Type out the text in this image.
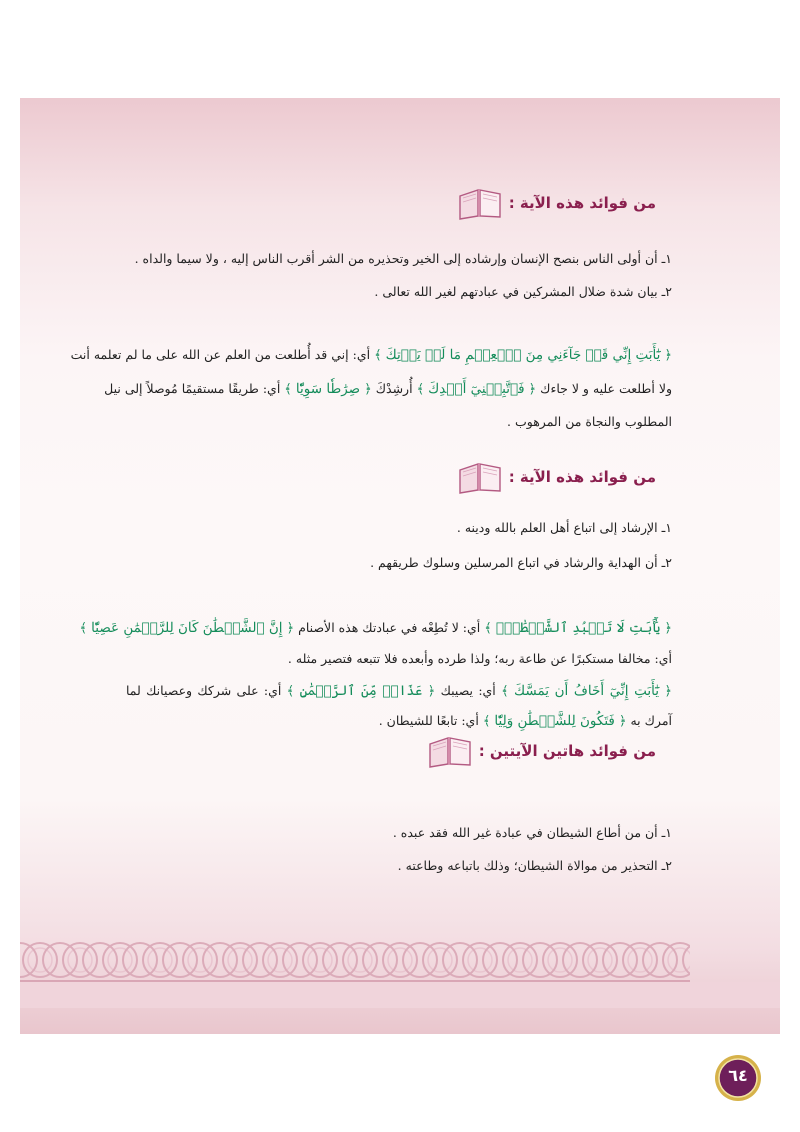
من فوائد هذه الآية :
١ـ أن أولى الناس بنصح الإنسان وإرشاده إلى الخير وتحذيره من الشر أقرب الناس إليه ، ولا سيما والداه .
٢ـ بيان شدة ضلال المشركين في عبادتهم لغير الله تعالى .
﴿ يَٰٓأَبَتِ إِنِّي قَدۡ جَآءَنِي مِنَ ٱلۡعِلۡمِ مَا لَمۡ يَأۡتِكَ ﴾ أي: إني قد أُطلعت من العلم عن الله على ما لم تعلمه أنت
ولا أطلعت عليه و لا جاءك ﴿ فَٱتَّبِعۡنِيٓ أَهۡدِكَ ﴾ أُرشِدْكَ ﴿ صِرَٰطٗا سَوِيّٗا ﴾ أي: طريقًا مستقيمًا مُوصلاً إلى نيل
المطلوب والنجاة من المرهوب .
من فوائد هذه الآية :
١ـ الإرشاد إلى اتباع أهل العلم بالله ودينه .
٢ـ أن الهداية والرشاد في اتباع المرسلين وسلوك طريقهم .
﴿ يَٰٓأَبَتِ لَا تَعۡبُدِ ٱلشَّيۡطَٰنَۖ ﴾ أي: لا تُطِعْه في عبادتك هذه الأصنام ﴿ إِنَّ ٱلشَّيۡطَٰنَ كَانَ لِلرَّحۡمَٰنِ عَصِيّٗا ﴾
أي: مخالفا مستكبرًا عن طاعة ربه؛ ولذا طرده وأبعده فلا تتبعه فتصير مثله .
﴿ يَٰٓأَبَتِ إِنِّيٓ أَخَافُ أَن يَمَسَّكَ ﴾ أي: يصيبك ﴿ عَذَابٞ مِّنَ ٱلرَّحۡمَٰنِ ﴾ أي: على شركك وعصيانك لما
آمرك به ﴿ فَتَكُونَ لِلشَّيۡطَٰنِ وَلِيّٗا ﴾ أي: تابعًا للشيطان .
من فوائد هاتين الآيتين :
١ـ أن من أطاع الشيطان في عبادة غير الله فقد عبده .
٢ـ التحذير من موالاة الشيطان؛ وذلك باتباعه وطاعته .
٦٤
